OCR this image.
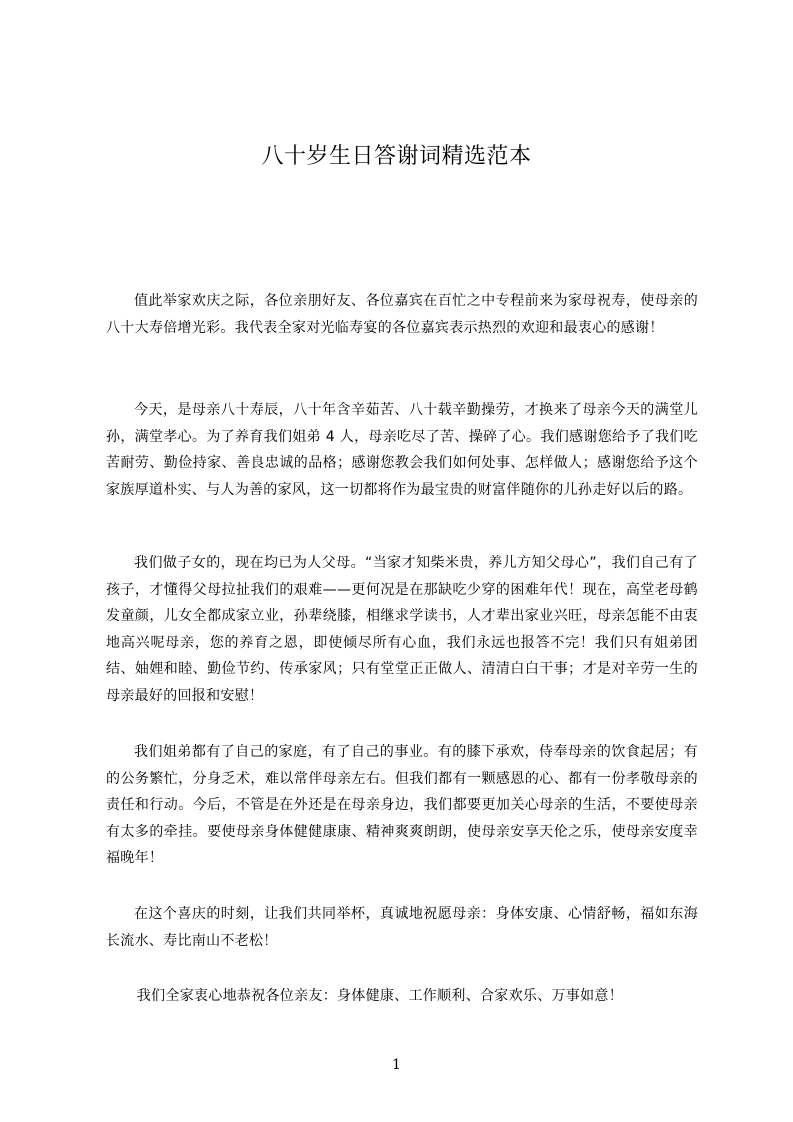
八十岁生日答谢词精选范本

值此举家欢庆之际，各位亲朋好友、各位嘉宾在百忙之中专程前来为家母祝寿，使母亲的八十大寿倍增光彩。我代表全家对光临寿宴的各位嘉宾表示热烈的欢迎和最衷心的感谢！

今天，是母亲八十寿辰，八十年含辛茹苦、八十载辛勤操劳，才换来了母亲今天的满堂儿孙，满堂孝心。为了养育我们姐弟 4 人，母亲吃尽了苦、操碎了心。我们感谢您给予了我们吃苦耐劳、勤俭持家、善良忠诚的品格；感谢您教会我们如何处事、怎样做人；感谢您给予这个家族厚道朴实、与人为善的家风，这一切都将作为最宝贵的财富伴随你的儿孙走好以后的路。

我们做子女的，现在均已为人父母。“当家才知柴米贵，养儿方知父母心”，我们自己有了孩子，才懂得父母拉扯我们的艰难——更何况是在那缺吃少穿的困难年代！现在，高堂老母鹤发童颜，儿女全都成家立业，孙辈绕膝，相继求学读书，人才辈出家业兴旺，母亲怎能不由衷地高兴呢母亲，您的养育之恩，即使倾尽所有心血，我们永远也报答不完！我们只有姐弟团结、妯娌和睦、勤俭节约、传承家风；只有堂堂正正做人、清清白白干事；才是对辛劳一生的母亲最好的回报和安慰！

我们姐弟都有了自己的家庭，有了自己的事业。有的膝下承欢，侍奉母亲的饮食起居；有的公务繁忙，分身乏术，难以常伴母亲左右。但我们都有一颗感恩的心、都有一份孝敬母亲的责任和行动。今后，不管是在外还是在母亲身边，我们都要更加关心母亲的生活，不要使母亲有太多的牵挂。要使母亲身体健健康康、精神爽爽朗朗，使母亲安享天伦之乐，使母亲安度幸福晚年！

在这个喜庆的时刻，让我们共同举杯，真诚地祝愿母亲：身体安康、心情舒畅，福如东海长流水、寿比南山不老松！

我们全家衷心地恭祝各位亲友：身体健康、工作顺利、合家欢乐、万事如意！

1
